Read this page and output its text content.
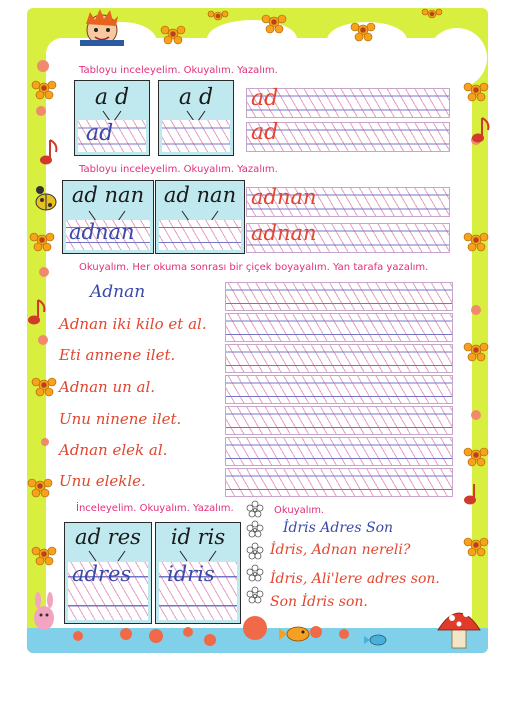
Tabloyu inceleyelim. Okuyalım. Yazalım.
a d
ad
a d	ad
ad
Tabloyu inceleyelim. Okuyalım. Yazalım.
ad nan
adnan
ad nan adnan
adnan
Okuyalım. Her okuma sonrası bir çiçek boyayalım. Yan tarafa yazalım.
Adnan
Adnan iki kilo et al.
Eti annene ilet.
Adnan un al.
Unu ninene ilet.
Adnan elek al.
Unu elekle.
İnceleyelim. Okuyalım. Yazalım.
ad res
adres
id ris
idris
Okuyalım.
İdris Adres Son
İdris, Adnan nereli?
İdris, Ali'lere adres son.
Son İdris son.
